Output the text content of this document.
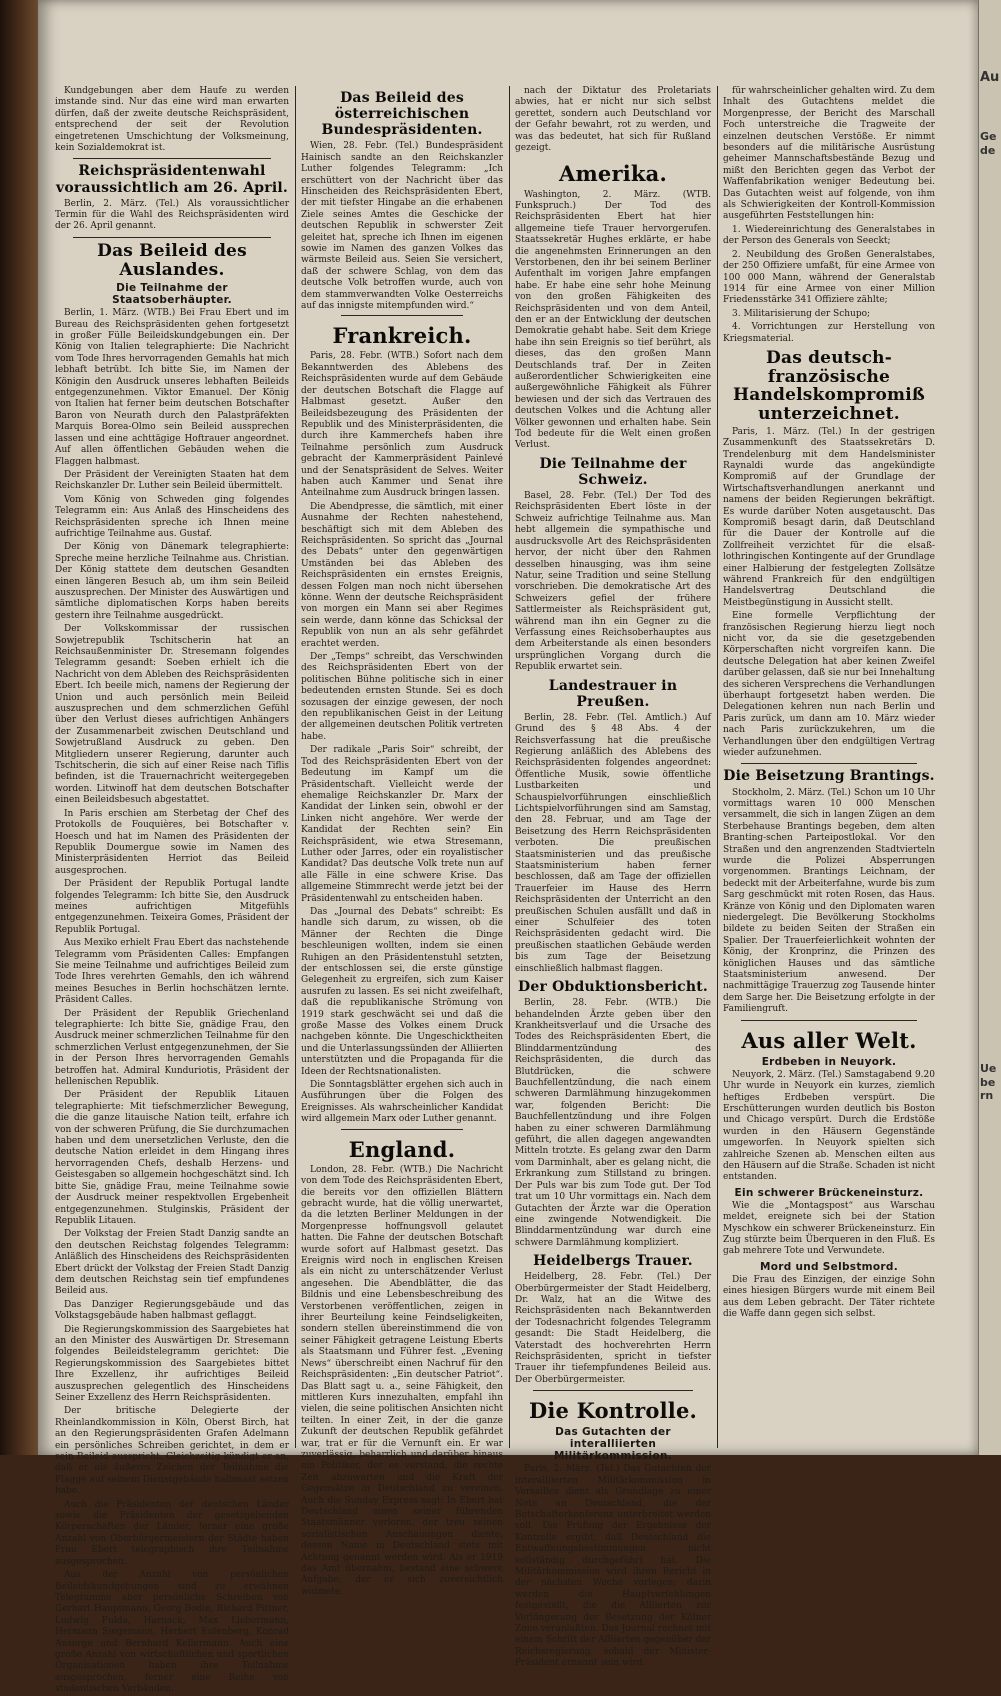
Kundgebungen aber dem Haufe zu werden imstande sind. Nur das eine wird man erwarten dürfen, daß der zweite deutsche Reichspräsident, entsprechend der seit der Revolution eingetretenen Umschichtung der Volksmeinung, kein Sozialdemokrat ist.

Reichspräsidentenwahl voraussichtlich am 26. April.

Berlin, 2. März. (Tel.) Als voraussichtlicher Termin für die Wahl des Reichspräsidenten wird der 26. April genannt.

Das Beileid des Auslandes.
Die Teilnahme der Staatsoberhäupter.

Berlin, 1. März. (WTB.) Bei Frau Ebert und im Bureau des Reichspräsidenten gehen fortgesetzt in großer Fülle Beileidskundgebungen ein. Der König von Italien telegraphierte: Die Nachricht vom Tode Ihres hervorragenden Gemahls hat mich lebhaft betrübt. Ich bitte Sie, im Namen der Königin den Ausdruck unseres lebhaften Beileids entgegenzunehmen. Viktor Emanuel. Der König von Italien hat ferner beim deutschen Botschafter Baron von Neurath durch den Palastpräfekten Marquis Borea-Olmo sein Beileid aussprechen lassen und eine achttägige Hoftrauer angeordnet. Auf allen öffentlichen Gebäuden wehen die Flaggen halbmast.

Der Präsident der Vereinigten Staaten hat dem Reichskanzler Dr. Luther sein Beileid übermittelt.

Vom König von Schweden ging folgendes Telegramm ein: Aus Anlaß des Hinscheidens des Reichspräsidenten spreche ich Ihnen meine aufrichtige Teilnahme aus. Gustaf.

Der König von Dänemark telegraphierte: Spreche meine herzliche Teilnahme aus. Christian. Der König stattete dem deutschen Gesandten einen längeren Besuch ab, um ihm sein Beileid auszusprechen. Der Minister des Auswärtigen und sämtliche diplomatischen Korps haben bereits gestern ihre Teilnahme ausgedrückt.

Der Volkskommissar der russischen Sowjetrepublik Tschitscherin hat an Reichsaußenminister Dr. Stresemann folgendes Telegramm gesandt: Soeben erhielt ich die Nachricht von dem Ableben des Reichspräsidenten Ebert. Ich beeile mich, namens der Regierung der Union und auch persönlich mein Beileid auszusprechen und dem schmerzlichen Gefühl über den Verlust dieses aufrichtigen Anhängers der Zusammenarbeit zwischen Deutschland und Sowjetrußland Ausdruck zu geben. Den Mitgliedern unserer Regierung, darunter auch Tschitscherin, die sich auf einer Reise nach Tiflis befinden, ist die Trauernachricht weitergegeben worden. Litwinoff hat dem deutschen Botschafter einen Beileidsbesuch abgestattet.

In Paris erschien am Sterbetag der Chef des Protokolls de Fouquières, bei Botschafter v. Hoesch und hat im Namen des Präsidenten der Republik Doumergue sowie im Namen des Ministerpräsidenten Herriot das Beileid ausgesprochen.

Der Präsident der Republik Portugal landte folgendes Telegramm: Ich bitte Sie, den Ausdruck meines aufrichtigen Mitgefühls entgegenzunehmen. Teixeira Gomes, Präsident der Republik Portugal.

Aus Mexiko erhielt Frau Ebert das nachstehende Telegramm vom Präsidenten Calles: Empfangen Sie meine Teilnahme und aufrichtiges Beileid zum Tode Ihres verehrten Gemahls, den ich während meines Besuches in Berlin hochschätzen lernte. Präsident Calles.

Der Präsident der Republik Griechenland telegraphierte: Ich bitte Sie, gnädige Frau, den Ausdruck meiner schmerzlichen Teilnahme für den schmerzlichen Verlust entgegenzunehmen, der Sie in der Person Ihres hervorragenden Gemahls betroffen hat. Admiral Kunduriotis, Präsident der hellenischen Republik.

Der Präsident der Republik Litauen telegraphierte: Mit tiefschmerzlicher Bewegung, die die ganze litauische Nation teilt, erfahre ich von der schweren Prüfung, die Sie durchzumachen haben und dem unersetzlichen Verluste, den die deutsche Nation erleidet in dem Hingang ihres hervorragenden Chefs, deshalb Herzens- und Geistesgaben so allgemein hochgeschätzt sind. Ich bitte Sie, gnädige Frau, meine Teilnahme sowie der Ausdruck meiner respektvollen Ergebenheit entgegenzunehmen. Stulginskis, Präsident der Republik Litauen.

Der Volkstag der Freien Stadt Danzig sandte an den deutschen Reichstag folgendes Telegramm: Anläßlich des Hinscheidens des Reichspräsidenten Ebert drückt der Volkstag der Freien Stadt Danzig dem deutschen Reichstag sein tief empfundenes Beileid aus.

Das Danziger Regierungsgebäude und das Volkstagsgebäude haben halbmast geflaggt.

Die Regierungskommission des Saargebietes hat an den Minister des Auswärtigen Dr. Stresemann folgendes Beileidstelegramm gerichtet: Die Regierungskommission des Saargebietes bittet Ihre Exzellenz, ihr aufrichtiges Beileid auszusprechen gelegentlich des Hinscheidens Seiner Exzellenz des Herrn Reichspräsidenten.

Der britische Delegierte der Rheinlandkommission in Köln, Oberst Birch, hat an den Regierungspräsidenten Grafen Adelmann ein persönliches Schreiben gerichtet, in dem er sein Beileid ausspricht. Gleichzeitig kündigt er an, daß er als äußeres Zeichen der Teilnahme die Flagge auf seinem Dienstgebäude halbmast setzen habe.

Auch die Präsidenten der deutschen Länder sowie die Präsidenten der gesetzgebenden Körperschaften der Länder, ferner eine große Anzahl von Oberbürgermeistern der Städte haben Frau Ebert telegraphisch ihre Teilnahme ausgesprochen.

Aus der Anzahl von persönlichen Beileidskundgebungen sind zu erwähnen Telegramme aber persönliche Schreiben von Gerhart Hauptmann, Georg Bodin, Richard Pittner, Ludwig Fulda, Harnack, Max Liebermann, Hermann Siegemann, Herbert Eulenberg, Konrad Ansorge und Bernhard Kellermann. Auch eine große Anzahl von wirtschaftlichen und sportlichen Organisationen haben ihre Teilnahme ausgesprochen, ferner eine Reihe von studentischen Verbänden.

Das Beileid des österreichischen Bundespräsidenten.

Wien, 28. Febr. (Tel.) Bundespräsident Hainisch sandte an den Reichskanzler Luther folgendes Telegramm: „Ich erschüttert von der Nachricht über das Hinscheiden des Reichspräsidenten Ebert, der mit tiefster Hingabe an die erhabenen Ziele seines Amtes die Geschicke der deutschen Republik in schwerster Zeit geleitet hat, spreche ich Ihnen im eigenen sowie im Namen des ganzen Volkes das wärmste Beileid aus. Seien Sie versichert, daß der schwere Schlag, von dem das deutsche Volk betroffen wurde, auch von dem stammverwandten Volke Oesterreichs auf das innigste mitempfunden wird.“

Frankreich.

Paris, 28. Febr. (WTB.) Sofort nach dem Bekanntwerden des Ablebens des Reichspräsidenten wurde auf dem Gebäude der deutschen Botschaft die Flagge auf Halbmast gesetzt. Außer den Beileidsbezeugung des Präsidenten der Republik und des Ministerpräsidenten, die durch ihre Kammerchefs haben ihre Teilnahme persönlich zum Ausdruck gebracht der Kammerpräsident Painlevé und der Senatspräsident de Selves. Weiter haben auch Kammer und Senat ihre Anteilnahme zum Ausdruck bringen lassen.

Die Abendpresse, die sämtlich, mit einer Ausnahme der Rechten nahestehend, beschäftigt sich mit dem Ableben des Reichspräsidenten. So spricht das „Journal des Debats“ unter den gegenwärtigen Umständen bei das Ableben des Reichspräsidenten ein ernstes Ereignis, dessen Folgen man noch nicht übersehen könne. Wenn der deutsche Reichspräsident von morgen ein Mann sei aber Regimes sein werde, dann könne das Schicksal der Republik von nun an als sehr gefährdet erachtet werden.

Der „Temps“ schreibt, das Verschwinden des Reichspräsidenten Ebert von der politischen Bühne politische sich in einer bedeutenden ernsten Stunde. Sei es doch sozusagen der einzige gewesen, der noch den republikanischen Geist in der Leitung der allgemeinen deutschen Politik vertreten habe.

Der radikale „Paris Soir“ schreibt, der Tod des Reichspräsidenten Ebert von der Bedeutung im Kampf um die Präsidentschaft. Vielleicht werde der ehemalige Reichskanzler Dr. Marx der Kandidat der Linken sein, obwohl er der Linken nicht angehöre. Wer werde der Kandidat der Rechten sein? Ein Reichspräsident, wie etwa Stresemann, Luther oder Jarres, oder ein royalistischer Kandidat? Das deutsche Volk trete nun auf alle Fälle in eine schwere Krise. Das allgemeine Stimmrecht werde jetzt bei der Präsidentenwahl zu entscheiden haben.

Das „Journal des Debats“ schreibt: Es handle sich darum, zu wissen, ob die Männer der Rechten die Dinge beschleunigen wollten, indem sie einen Ruhigen an den Präsidentenstuhl setzten, der entschlossen sei, die erste günstige Gelegenheit zu ergreifen, sich zum Kaiser ausrufen zu lassen. Es sei nicht zweifelhaft, daß die republikanische Strömung von 1919 stark geschwächt sei und daß die große Masse des Volkes einem Druck nachgeben könnte. Die Ungeschicktheiten und die Unterlassungssünden der Alliierten unterstützten und die Propaganda für die Ideen der Rechtsnationalisten.

Die Sonntagsblätter ergehen sich auch in Ausführungen über die Folgen des Ereignisses. Als wahrscheinlicher Kandidat wird allgemein Marx oder Luther genannt.

England.

London, 28. Febr. (WTB.) Die Nachricht von dem Tode des Reichspräsidenten Ebert, die bereits vor den offiziellen Blättern gebracht wurde, hat die völlig unerwartet, da die letzten Berliner Meldungen in der Morgenpresse hoffnungsvoll gelautet hatten. Die Fahne der deutschen Botschaft wurde sofort auf Halbmast gesetzt. Das Ereignis wird noch in englischen Kreisen als ein nicht zu unterschätzender Verlust angesehen. Die Abendblätter, die das Bildnis und eine Lebensbeschreibung des Verstorbenen veröffentlichen, zeigen in ihrer Beurteilung keine Feindseligkeiten, sondern stellen übereinstimmend die von seiner Fähigkeit getragene Leistung Eberts als Staatsmann und Führer fest. „Evening News“ überschreibt einen Nachruf für den Reichspräsidenten: „Ein deutscher Patriot“. Das Blatt sagt u. a., seine Fähigkeit, den mittleren Kurs innezuhalten, empfahl ihn vielen, die seine politischen Ansichten nicht teilten. In einer Zeit, in der die ganze Zukunft der deutschen Republik gefährdet war, trat er für die Vernunft ein. Er war zuverlässig, beharrlich und darüber hinaus ein Politiker, der es verstand, die rechte Zeit abzuwarten und die Kraft der Gegensätze in Deutschland zu vereinen. Auch die Sunday Express sagt: In Ebert hat Deutschland einen seiner führenden Staatsmänner verloren, der treu seinen sozialistischen Anschauungen diente, dessen Name in Deutschland stets mit Achtung genannt werden wird. Als er 1919 das Amt übernahm, bestand eine schwere Aufgabe, der er sich zuversichtlich widmete.

nach der Diktatur des Proletariats abwies, hat er nicht nur sich selbst gerettet, sondern auch Deutschland vor der Gefahr bewahrt, rot zu werden, und was das bedeutet, hat sich für Rußland gezeigt.

Amerika.

Washington, 2. März. (WTB. Funkspruch.) Der Tod des Reichspräsidenten Ebert hat hier allgemeine tiefe Trauer hervorgerufen. Staatssekretär Hughes erklärte, er habe die angenehmsten Erinnerungen an den Verstorbenen, den ihr bei seinem Berliner Aufenthalt im vorigen Jahre empfangen habe. Er habe eine sehr hohe Meinung von den großen Fähigkeiten des Reichspräsidenten und von dem Anteil, den er an der Entwicklung der deutschen Demokratie gehabt habe. Seit dem Kriege habe ihn sein Ereignis so tief berührt, als dieses, das den großen Mann Deutschlands traf. Der in Zeiten außerordentlicher Schwierigkeiten eine außergewöhnliche Fähigkeit als Führer bewiesen und der sich das Vertrauen des deutschen Volkes und die Achtung aller Völker gewonnen und erhalten habe. Sein Tod bedeute für die Welt einen großen Verlust.

Die Teilnahme der Schweiz.

Basel, 28. Febr. (Tel.) Der Tod des Reichspräsidenten Ebert löste in der Schweiz aufrichtige Teilnahme aus. Man hebt allgemein die sympathische und ausdrucksvolle Art des Reichspräsidenten hervor, der nicht über den Rahmen desselben hinausging, was ihm seine Natur, seine Tradition und seine Stellung vorschrieben. Die demokratische Art des Schweizers gefiel der frühere Sattlermeister als Reichspräsident gut, während man ihn ein Gegner zu die Verfassung eines Reichsoberhauptes aus dem Arbeiterstande als einen besonders ursprünglichen Vorgang durch die Republik erwartet sein.

Landestrauer in Preußen.

Berlin, 28. Febr. (Tel. Amtlich.) Auf Grund des § 48 Abs. 4 der Reichsverfassung hat die preußische Regierung anläßlich des Ablebens des Reichspräsidenten folgendes angeordnet: Öffentliche Musik, sowie öffentliche Lustbarkeiten und Schauspielvorführungen einschließlich Lichtspielvorführungen sind am Samstag, den 28. Februar, und am Tage der Beisetzung des Herrn Reichspräsidenten verboten. Die preußischen Staatsministerien und das preußische Staatsministerium haben ferner beschlossen, daß am Tage der offiziellen Trauerfeier im Hause des Herrn Reichspräsidenten der Unterricht an den preußischen Schulen ausfällt und daß in einer Schulfeier des toten Reichspräsidenten gedacht wird. Die preußischen staatlichen Gebäude werden bis zum Tage der Beisetzung einschließlich halbmast flaggen.

Der Obduktionsbericht.

Berlin, 28. Febr. (WTB.) Die behandelnden Ärzte geben über den Krankheitsverlauf und die Ursache des Todes des Reichspräsidenten Ebert, die Blinddarmentzündung des Reichspräsidenten, die durch das Blutdrücken, die schwere Bauchfellentzündung, die nach einem schweren Darmlähmung hinzugekommen war, folgenden Bericht: Die Bauchfellentzündung und ihre Folgen haben zu einer schweren Darmlähmung geführt, die allen dagegen angewandten Mitteln trotzte. Es gelang zwar den Darm vom Darminhalt, aber es gelang nicht, die Erkrankung zum Stillstand zu bringen. Der Puls war bis zum Tode gut. Der Tod trat um 10 Uhr vormittags ein. Nach dem Gutachten der Ärzte war die Operation eine zwingende Notwendigkeit. Die Blinddarmentzündung war durch eine schwere Darmlähmung kompliziert.

Heidelbergs Trauer.

Heidelberg, 28. Febr. (Tel.) Der Oberbürgermeister der Stadt Heidelberg, Dr. Walz, hat an die Witwe des Reichspräsidenten nach Bekanntwerden der Todesnachricht folgendes Telegramm gesandt: Die Stadt Heidelberg, die Vaterstadt des hochverehrten Herrn Reichspräsidenten, spricht in tiefster Trauer ihr tiefempfundenes Beileid aus. Der Oberbürgermeister.

Die Kontrolle.
Das Gutachten der interalliierten Militärkommission.

Paris, 2. März. (Tel.) Das Gutachten der interalliierten Militärkommission in Versailles dient als Grundlage zu einer Note an Deutschland, die der Botschafterkonferenz unterbreitet werden soll. Die Prüfung der Ergebnisse der Kontrolle ergibt, daß Deutschland die Entwaffnungsbestimmungen nicht vollständig durchgeführt hat. Die Militärkommission wird ihren Bericht in der nächsten Woche vorlegen; darin werden die Hauptverfehlungen festgestellt, die die Alliierten zur Verlängerung der Besetzung der Kölner Zone veranlaßten. Das Journal rechnet mit einem Schritt der Alliierten gegenüber der Reichsregierung, sobald der Minister-Präsident ernannt sein wird.

für wahrscheinlicher gehalten wird. Zu dem Inhalt des Gutachtens meldet die Morgenpresse, der Bericht des Marschall Foch unterstreiche die Tragweite der einzelnen deutschen Verstöße. Er nimmt besonders auf die militärische Ausrüstung geheimer Mannschaftsbestände Bezug und mißt den Berichten gegen das Verbot der Waffenfabrikation weniger Bedeutung bei. Das Gutachten weist auf folgende, von ihm als Schwierigkeiten der Kontroll-Kommission ausgeführten Feststellungen hin:

1. Wiedereinrichtung des Generalstabes in der Person des Generals von Seeckt;

2. Neubildung des Großen Generalstabes, der 250 Offiziere umfaßt, für eine Armee von 100 000 Mann, während der Generalstab 1914 für eine Armee von einer Million Friedensstärke 341 Offiziere zählte;

3. Militarisierung der Schupo;

4. Vorrichtungen zur Herstellung von Kriegsmaterial.

Das deutsch-französische Handelskompromiß unterzeichnet.

Paris, 1. März. (Tel.) In der gestrigen Zusammenkunft des Staatssekretärs D. Trendelenburg mit dem Handelsminister Raynaldi wurde das angekündigte Kompromiß auf der Grundlage der Wirtschaftsverhandlungen anerkannt und namens der beiden Regierungen bekräftigt. Es wurde darüber Noten ausgetauscht. Das Kompromiß besagt darin, daß Deutschland für die Dauer der Kontrolle auf die Zollfreiheit verzichtet für die elsaß-lothringischen Kontingente auf der Grundlage einer Halbierung der festgelegten Zollsätze während Frankreich für den endgültigen Handelsvertrag Deutschland die Meistbegünstigung in Aussicht stellt.

Eine formelle Verpflichtung der französischen Regierung hierzu liegt noch nicht vor, da sie die gesetzgebenden Körperschaften nicht vorgreifen kann. Die deutsche Delegation hat aber keinen Zweifel darüber gelassen, daß sie nur bei Innehaltung des sicheren Versprechens die Verhandlungen überhaupt fortgesetzt haben werden. Die Delegationen kehren nun nach Berlin und Paris zurück, um dann am 10. März wieder nach Paris zurückzukehren, um die Verhandlungen über den endgültigen Vertrag wieder aufzunehmen.

Die Beisetzung Brantings.

Stockholm, 2. März. (Tel.) Schon um 10 Uhr vormittags waren 10 000 Menschen versammelt, die sich in langen Zügen an dem Sterbehause Brantings begeben, dem alten Branting-schen Parteipostlokal. Vor den Straßen und den angrenzenden Stadtvierteln wurde die Polizei Absperrungen vorgenommen. Brantings Leichnam, der bedeckt mit der Arbeiterfahne, wurde bis zum Sarg geschmückt mit roten Rosen, das Haus. Kränze von König und den Diplomaten waren niedergelegt. Die Bevölkerung Stockholms bildete zu beiden Seiten der Straßen ein Spalier. Der Trauerfeierlichkeit wohnten der König, der Kronprinz, die Prinzen des königlichen Hauses und das sämtliche Staatsministerium anwesend. Der nachmittägige Trauerzug zog Tausende hinter dem Sarge her. Die Beisetzung erfolgte in der Familiengruft.

Aus aller Welt.
Erdbeben in Neuyork.

Neuyork, 2. März. (Tel.) Samstagabend 9.20 Uhr wurde in Neuyork ein kurzes, ziemlich heftiges Erdbeben verspürt. Die Erschütterungen wurden deutlich bis Boston und Chicago verspürt. Durch die Erdstöße wurden in den Häusern Gegenstände umgeworfen. In Neuyork spielten sich zahlreiche Szenen ab. Menschen eilten aus den Häusern auf die Straße. Schaden ist nicht entstanden.

Ein schwerer Brückeneinsturz.

Wie die „Montagspost“ aus Warschau meldet, ereignete sich bei der Station Myschkow ein schwerer Brückeneinsturz. Ein Zug stürzte beim Überqueren in den Fluß. Es gab mehrere Tote und Verwundete.

Mord und Selbstmord.

Die Frau des Einzigen, der einzige Sohn eines hiesigen Bürgers wurde mit einem Beil aus dem Leben gebracht. Der Täter richtete die Waffe dann gegen sich selbst.

Au
Gede
Uebern
